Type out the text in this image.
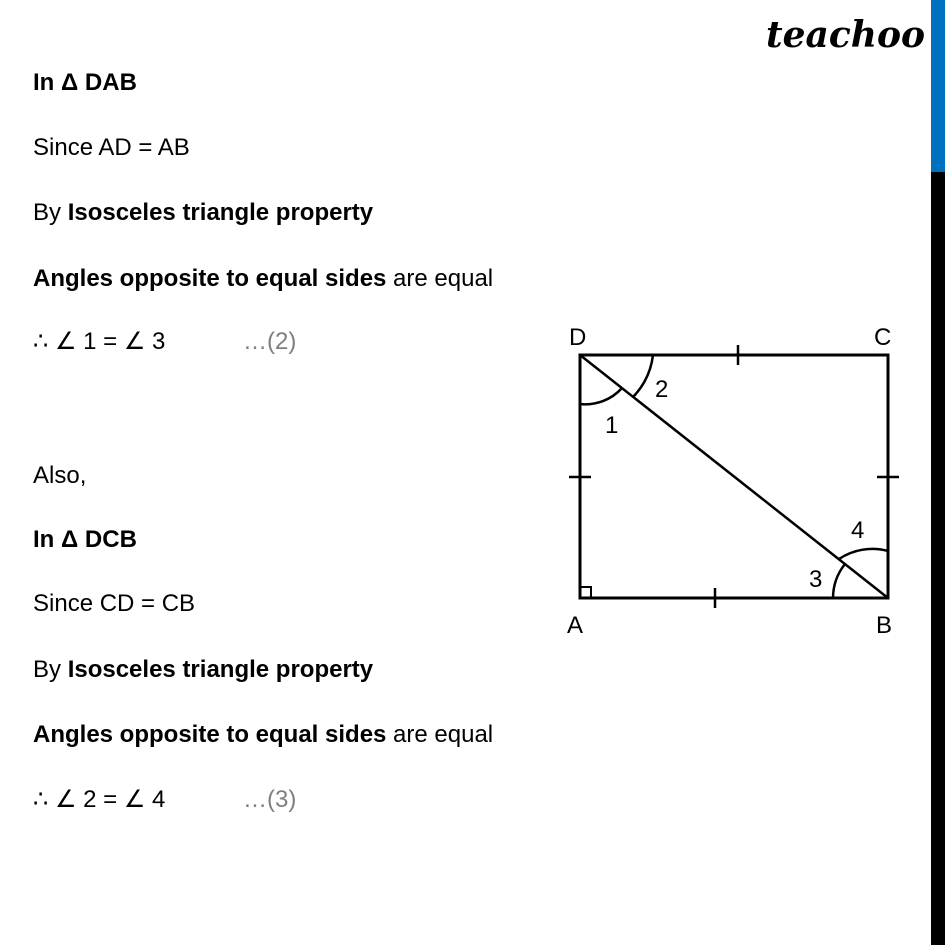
teachoo
In Δ DAB
Since AD = AB
By Isosceles triangle property
Angles opposite to equal sides are equal
∴ ∠ 1 = ∠ 3	…(2)
Also,
In Δ DCB
Since CD = CB
By Isosceles triangle property
Angles opposite to equal sides are equal
∴ ∠ 2 = ∠ 4	…(3)
D	C
A	B
1
2
3
4
